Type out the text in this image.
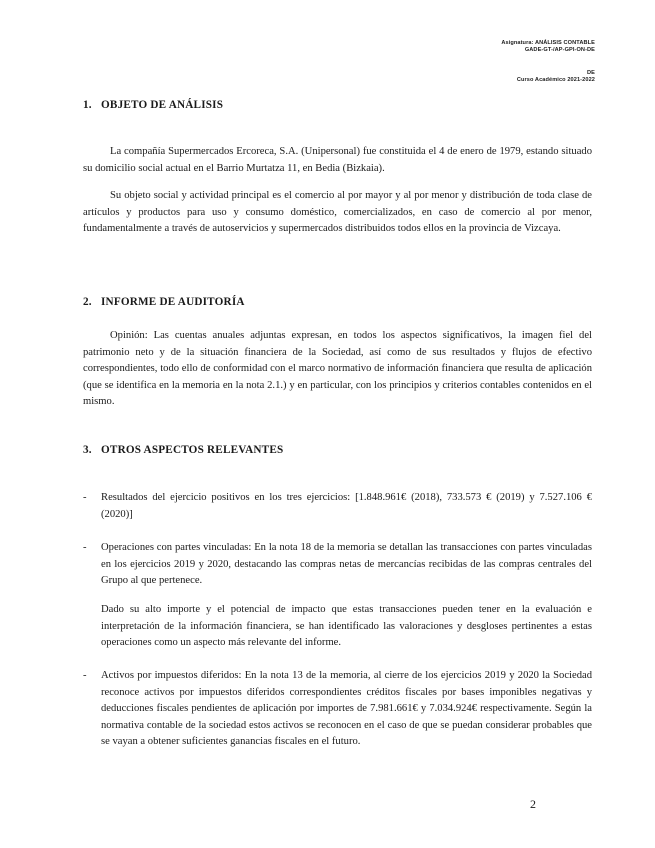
Asignatura: ANÁLISIS CONTABLE
GADE-GT-/AP-GPI-ON-DE
DE
Curso Académico 2021-2022
1. OBJETO DE ANÁLISIS

La compañía Supermercados Ercoreca, S.A. (Unipersonal) fue constituida el 4 de enero de 1979, estando situado su domicilio social actual en el Barrio Murtatza 11, en Bedia (Bizkaia).

Su objeto social y actividad principal es el comercio al por mayor y al por menor y distribución de toda clase de artículos y productos para uso y consumo doméstico, comercializados, en caso de comercio al por menor, fundamentalmente a través de autoservicios y supermercados distribuidos todos ellos en la provincia de Vizcaya.

2. INFORME DE AUDITORÍA

Opinión: Las cuentas anuales adjuntas expresan, en todos los aspectos significativos, la imagen fiel del patrimonio neto y de la situación financiera de la Sociedad, así como de sus resultados y flujos de efectivo correspondientes, todo ello de conformidad con el marco normativo de información financiera que resulta de aplicación (que se identifica en la memoria en la nota 2.1.) y en particular, con los principios y criterios contables contenidos en el mismo.

3. OTROS ASPECTOS RELEVANTES
- Resultados del ejercicio positivos en los tres ejercicios: [1.848.961€ (2018), 733.573 € (2019) y 7.527.106 € (2020)]

- Operaciones con partes vinculadas: En la nota 18 de la memoria se detallan las transacciones con partes vinculadas en los ejercicios 2019 y 2020, destacando las compras netas de mercancías recibidas de las compras centrales del Grupo al que pertenece.

Dado su alto importe y el potencial de impacto que estas transacciones pueden tener en la evaluación e interpretación de la información financiera, se han identificado las valoraciones y desgloses pertinentes a estas operaciones como un aspecto más relevante del informe.

- Activos por impuestos diferidos: En la nota 13 de la memoria, al cierre de los ejercicios 2019 y 2020 la Sociedad reconoce activos por impuestos diferidos correspondientes créditos fiscales por bases imponibles negativas y deducciones fiscales pendientes de aplicación por importes de 7.981.661€ y 7.034.924€ respectivamente. Según la normativa contable de la sociedad estos activos se reconocen en el caso de que se puedan considerar probables que se vayan a obtener suficientes ganancias fiscales en el futuro.

2
